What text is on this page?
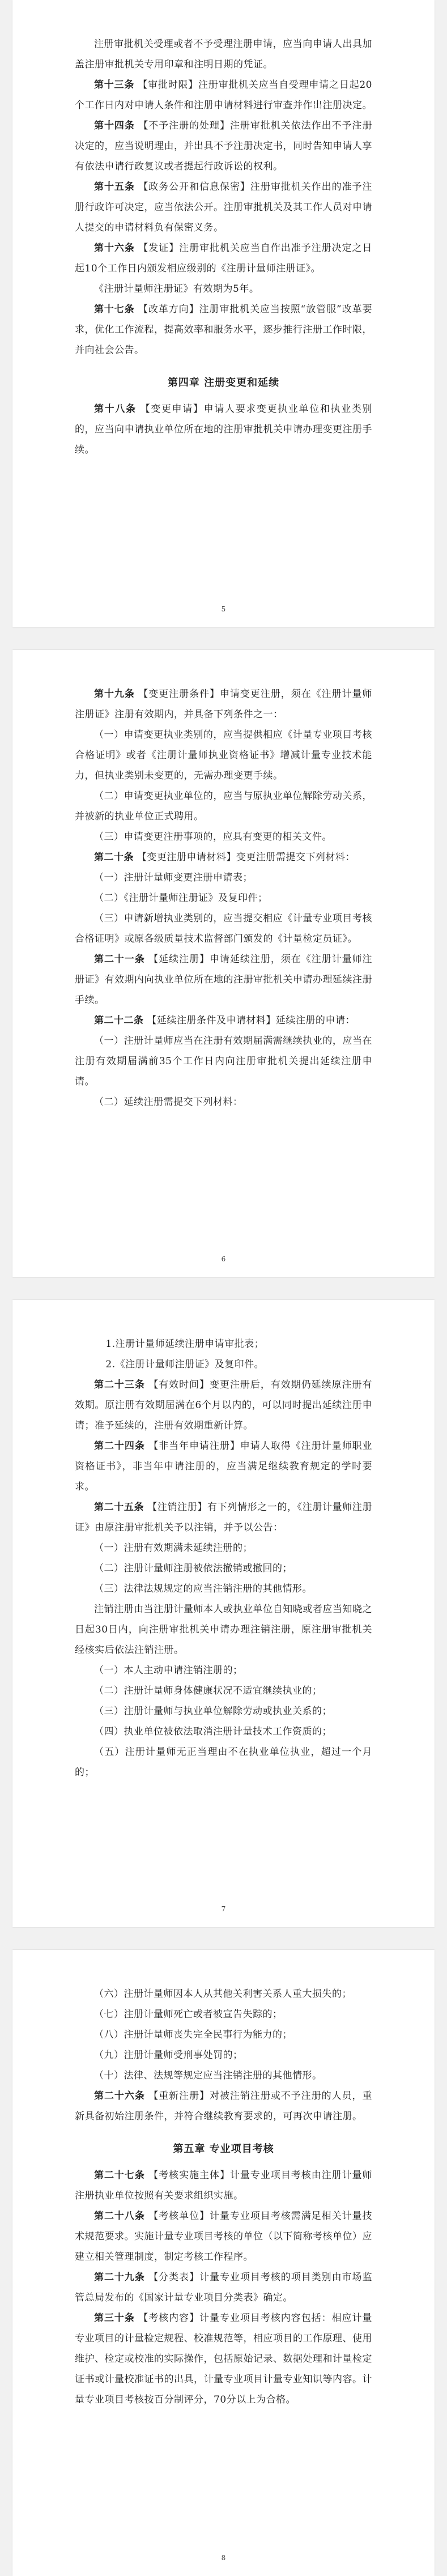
注册审批机关受理或者不予受理注册申请，应当向申请人出具加盖注册审批机关专用印章和注明日期的凭证。

第十三条 【审批时限】注册审批机关应当自受理申请之日起20个工作日内对申请人条件和注册申请材料进行审查并作出注册决定。

第十四条 【不予注册的处理】注册审批机关依法作出不予注册决定的，应当说明理由，并出具不予注册决定书，同时告知申请人享有依法申请行政复议或者提起行政诉讼的权利。

第十五条 【政务公开和信息保密】注册审批机关作出的准予注册行政许可决定，应当依法公开。注册审批机关及其工作人员对申请人提交的申请材料负有保密义务。

第十六条 【发证】注册审批机关应当自作出准予注册决定之日起10个工作日内颁发相应级别的《注册计量师注册证》。

《注册计量师注册证》有效期为5年。

第十七条 【改革方向】注册审批机关应当按照“放管服”改革要求，优化工作流程，提高效率和服务水平，逐步推行注册工作时限，并向社会公告。

第四章 注册变更和延续

第十八条 【变更申请】申请人要求变更执业单位和执业类别的，应当向申请执业单位所在地的注册审批机关申请办理变更注册手续。

5

第十九条 【变更注册条件】申请变更注册，须在《注册计量师注册证》注册有效期内，并具备下列条件之一：

（一）申请变更执业类别的，应当提供相应《计量专业项目考核合格证明》或者《注册计量师执业资格证书》增减计量专业技术能力，但执业类别未变更的，无需办理变更手续。

（二）申请变更执业单位的，应当与原执业单位解除劳动关系，并被新的执业单位正式聘用。

（三）申请变更注册事项的，应具有变更的相关文件。

第二十条 【变更注册申请材料】变更注册需提交下列材料：

（一）注册计量师变更注册申请表；

（二）《注册计量师注册证》及复印件；

（三）申请新增执业类别的，应当提交相应《计量专业项目考核合格证明》或原各级质量技术监督部门颁发的《计量检定员证》。

第二十一条 【延续注册】申请延续注册，须在《注册计量师注册证》有效期内向执业单位所在地的注册审批机关申请办理延续注册手续。

第二十二条 【延续注册条件及申请材料】延续注册的申请：

（一）注册计量师应当在注册有效期届满需继续执业的，应当在注册有效期届满前35个工作日内向注册审批机关提出延续注册申请。

（二）延续注册需提交下列材料：

6

1.注册计量师延续注册申请审批表；

2.《注册计量师注册证》及复印件。

第二十三条 【有效时间】变更注册后，有效期仍延续原注册有效期。原注册有效期届满在6个月以内的，可以同时提出延续注册申请；准予延续的，注册有效期重新计算。

第二十四条 【非当年申请注册】申请人取得《注册计量师职业资格证书》，非当年申请注册的，应当满足继续教育规定的学时要求。

第二十五条 【注销注册】有下列情形之一的，《注册计量师注册证》由原注册审批机关予以注销，并予以公告：

（一）注册有效期满未延续注册的；

（二）注册计量师注册被依法撤销或撤回的；

（三）法律法规规定的应当注销注册的其他情形。

注销注册由当注册计量师本人或执业单位自知晓或者应当知晓之日起30日内，向注册审批机关申请办理注销注册，原注册审批机关经核实后依法注销注册。

（一）本人主动申请注销注册的；

（二）注册计量师身体健康状况不适宜继续执业的；

（三）注册计量师与执业单位解除劳动或执业关系的；

（四）执业单位被依法取消注册计量技术工作资质的；

（五）注册计量师无正当理由不在执业单位执业，超过一个月的；

7

（六）注册计量师因本人从其他关利害关系人重大损失的；

（七）注册计量师死亡或者被宣告失踪的；

（八）注册计量师丧失完全民事行为能力的；

（九）注册计量师受刑事处罚的；

（十）法律、法规等规定应当注销注册的其他情形。

第二十六条 【重新注册】对被注销注册或不予注册的人员，重新具备初始注册条件，并符合继续教育要求的，可再次申请注册。

第五章 专业项目考核

第二十七条 【考核实施主体】计量专业项目考核由注册计量师注册执业单位按照有关要求组织实施。

第二十八条 【考核单位】计量专业项目考核需满足相关计量技术规范要求。实施计量专业项目考核的单位（以下简称考核单位）应建立相关管理制度，制定考核工作程序。

第二十九条 【分类表】计量专业项目考核的项目类别由市场监管总局发布的《国家计量专业项目分类表》确定。

第三十条 【考核内容】计量专业项目考核内容包括：相应计量专业项目的计量检定规程、校准规范等，相应项目的工作原理、使用维护、检定或校准的实际操作，包括原始记录、数据处理和计量检定证书或计量校准证书的出具，计量专业项目计量专业知识等内容。计量专业项目考核按百分制评分，70分以上为合格。

8
